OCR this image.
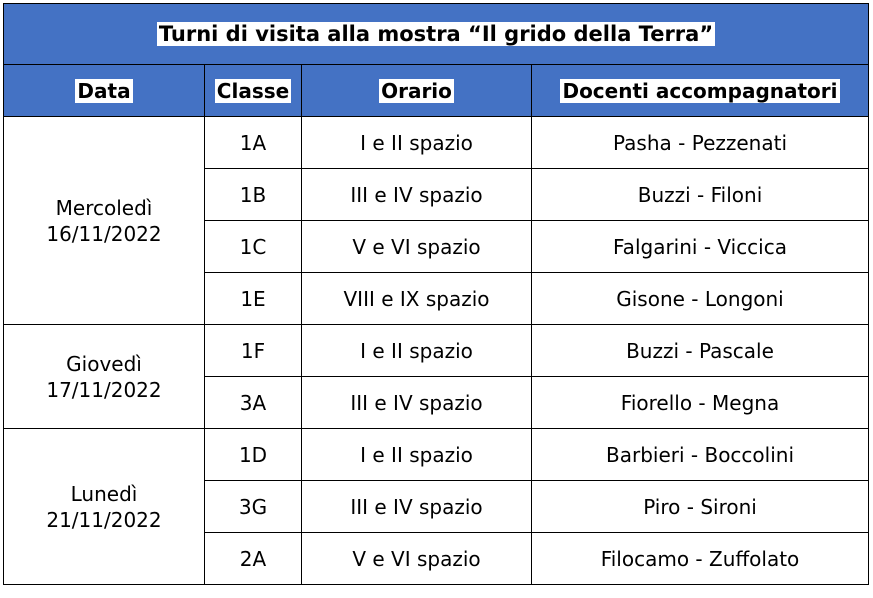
Turni di visita alla mostra “Il grido della Terra”			
Data	Classe	Orario	Docenti accompagnatori

Mercoledì
16/11/2022	1A	I e II spazio	Pasha - Pezzenati
	1B	III e IV spazio	Buzzi - Filoni
	1C	V e VI spazio	Falgarini - Viccica
	1E	VIII e IX spazio	Gisone - Longoni

Giovedì
17/11/2022	1F	I e II spazio	Buzzi - Pascale
	3A	III e IV spazio	Fiorello - Megna

Lunedì
21/11/2022	1D	I e II spazio	Barbieri - Boccolini
	3G	III e IV spazio	Piro - Sironi
	2A	V e VI spazio	Filocamo - Zuffolato
